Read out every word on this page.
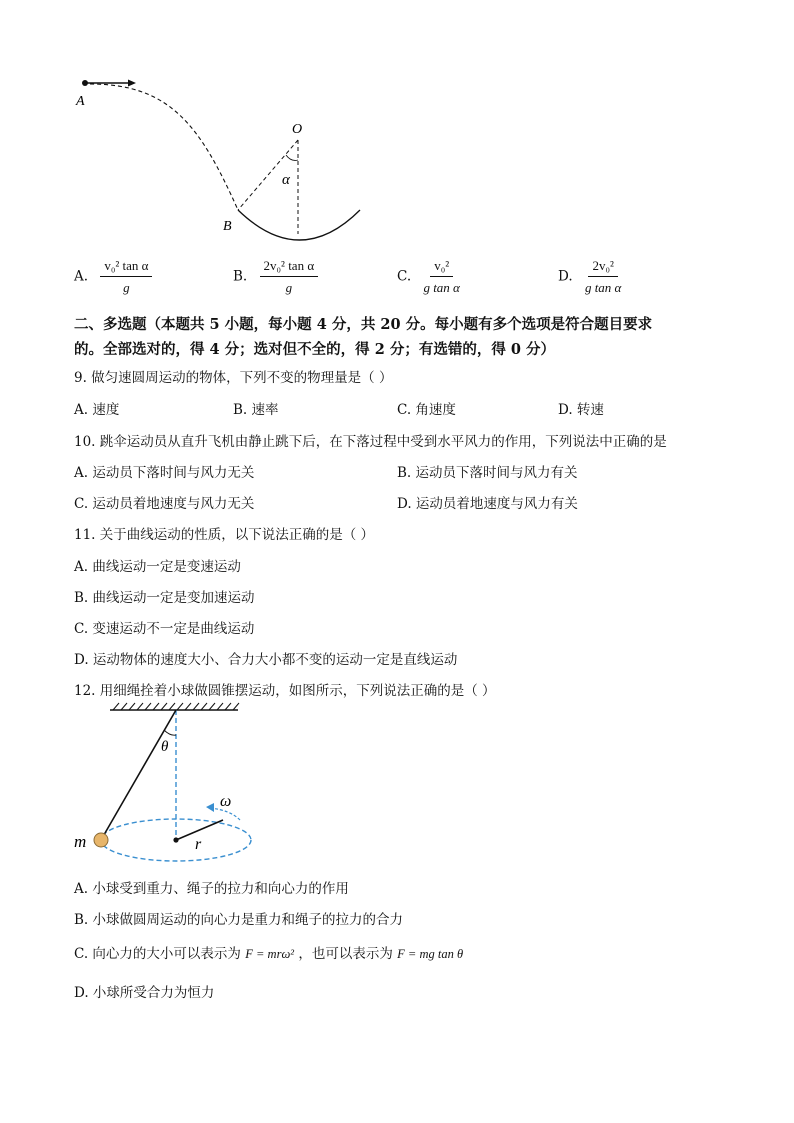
A
O
B
α
A. $\frac{\text{v₀² tan α}}{g}$	B. $\frac{\text{2v₀² tan α}}{g}$	C. $\frac{\text{v₀²}}{\text{g tan α}}$	D. $\frac{\text{2v₀²}}{\text{g tan α}}$
二、多选题（本题共 5 小题，每小题 4 分，共 20 分。每小题有多个选项是符合题目要求
的。全部选对的，得 4 分；选对但不全的，得 2 分；有选错的，得 0 分）
9. 做匀速圆周运动的物体，下列不变的物理量是（ ）
A. 速度	B. 速率	C. 角速度	D. 转速
10. 跳伞运动员从直升飞机由静止跳下后，在下落过程中受到水平风力的作用，下列说法中正确的是
A. 运动员下落时间与风力无关	B. 运动员下落时间与风力有关
C. 运动员着地速度与风力无关	D. 运动员着地速度与风力有关
11. 关于曲线运动的性质，以下说法正确的是（ ）
A. 曲线运动一定是变速运动
B. 曲线运动一定是变加速运动
C. 变速运动不一定是曲线运动
D. 运动物体的速度大小、合力大小都不变的运动一定是直线运动
12. 用细绳拴着小球做圆锥摆运动，如图所示，下列说法正确的是（ ）
θ
ω
m	r
A. 小球受到重力、绳子的拉力和向心力的作用
B. 小球做圆周运动的向心力是重力和绳子的拉力的合力
C. 向心力的大小可以表示为 F = mrω² ，也可以表示为 F = mg tan θ
D. 小球所受合力为恒力
